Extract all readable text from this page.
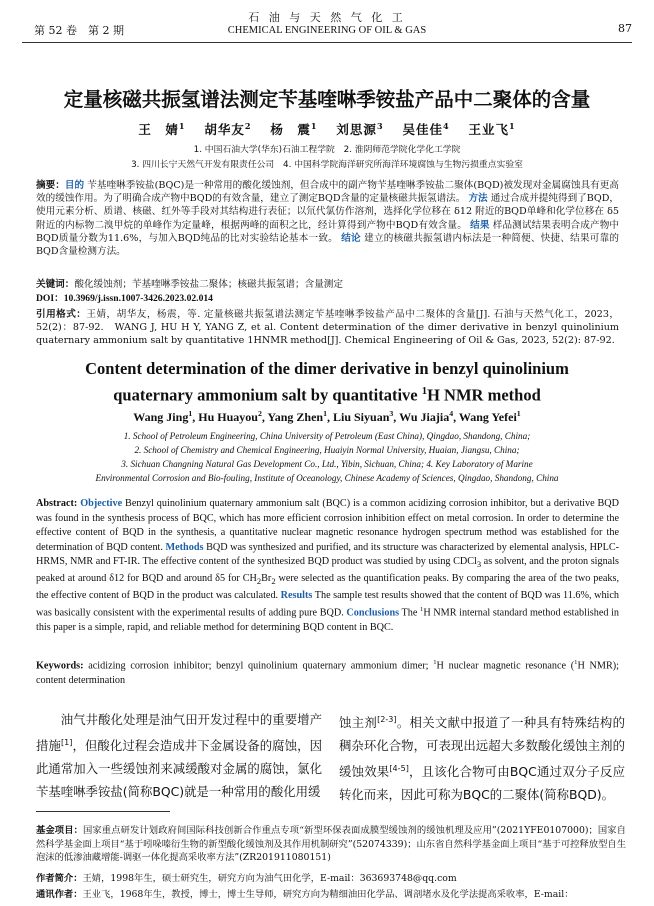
第 52 卷　第 2 期
石 油 与 天 然 气 化 工
CHEMICAL ENGINEERING OF OIL & GAS	87
定量核磁共振氢谱法测定苄基喹啉季铵盐产品中二聚体的含量
王　婧$^1$　 胡华友$^2$　 杨　震$^1$　 刘思源$^3$　 吴佳佳$^4$　 王业飞$^1$
1. 中国石油大学(华东)石油工程学院　2. 淮阴师范学院化学化工学院
3. 四川长宁天然气开发有限责任公司　4. 中国科学院海洋研究所海洋环境腐蚀与生物污损重点实验室
摘要：目的 苄基喹啉季铵盐(BQC)是一种常用的酸化缓蚀剂，但合成中的副产物苄基喹啉季铵盐二聚体(BQD)被发现对金属腐蚀具有更高效的缓蚀作用。为了明确合成产物中BQD的有效含量，建立了测定BQD含量的定量核磁共振氢谱法。 方法 通过合成并提纯得到了BQD，使用元素分析、质谱、核磁、红外等手段对其结构进行表征；以氘代氯仿作溶剂，选择化学位移在 δ12 附近的BQD单峰和化学位移在 δ5 附近的内标物二溴甲烷的单峰作为定量峰，根据两峰的面积之比，经计算得到产物中BQD有效含量。 结果 样品测试结果表明合成产物中BQD质量分数为11.6%，与加入BQD纯品的比对实验结论基本一致。 结论 建立的核磁共振氢谱内标法是一种简便、快捷、结果可靠的BQD含量检测方法。
关键词：酸化缓蚀剂；苄基喹啉季铵盐二聚体；核磁共振氢谱；含量测定
DOI：10.3969/j.issn.1007-3426.2023.02.014
引用格式：王婧，胡华友，杨震，等. 定量核磁共振氢谱法测定苄基喹啉季铵盐产品中二聚体的含量[J]. 石油与天然气化工，2023，52(2)：87-92.　WANG J, HU H Y, YANG Z, et al. Content determination of the dimer derivative in benzyl quinolinium quaternary ammonium salt by quantitative 1HNMR method[J]. Chemical Engineering of Oil & Gas, 2023, 52(2): 87-92.
Content determination of the dimer derivative in benzyl quinolinium
quaternary ammonium salt by quantitative $^1$H NMR method
Wang Jing$^1$, Hu Huayou$^2$, Yang Zhen$^1$, Liu Siyuan$^3$, Wu Jiajia$^4$, Wang Yefei$^1$
1. School of Petroleum Engineering, China University of Petroleum (East China), Qingdao, Shandong, China;
2. School of Chemistry and Chemical Engineering, Huaiyin Normal University, Huaian, Jiangsu, China;
3. Sichuan Changning Natural Gas Development Co., Ltd., Yibin, Sichuan, China; 4. Key Laboratory of Marine
Environmental Corrosion and Bio-fouling, Institute of Oceanology, Chinese Academy of Sciences, Qingdao, Shandong, China
Abstract: Objective Benzyl quinolinium quaternary ammonium salt (BQC) is a common acidizing corrosion inhibitor, but a derivative BQD was found in the synthesis process of BQC, which has more efficient corrosion inhibition effect on metal corrosion. In order to determine the effective content of BQD in the synthesis, a quantitative nuclear magnetic resonance hydrogen spectrum method was established for the determination of BQD content. Methods BQD was synthesized and purified, and its structure was characterized by elemental analysis, HPLC-HRMS, NMR and FT-IR. The effective content of the synthesized BQD product was studied by using CDCl$_3$ as solvent, and the proton signals peaked at around δ12 for BQD and around δ5 for $CH_2Br_2$ were selected as the quantification peaks. By comparing the area of the two peaks, the effective content of BQD in the product was calculated. Results The sample test results showed that the content of BQD was 11.6%, which was basically consistent with the experimental results of adding pure BQD. Conclusions The $^1$H NMR internal standard method established in this paper is a simple, rapid, and reliable method for determining BQD content in BQC.
Keywords: acidizing corrosion inhibitor; benzyl quinolinium quaternary ammonium dimer; $^1$H nuclear magnetic resonance ($^1$H NMR); content determination
油气井酸化处理是油气田开发过程中的重要增产措施[1]，但酸化过程会造成井下金属设备的腐蚀，因此通常加入一些缓蚀剂来减缓酸对金属的腐蚀，氯化苄基喹啉季铵盐(简称BQC)就是一种常用的酸化用缓
蚀主剂[2-3]。相关文献中报道了一种具有特殊结构的稠杂环化合物，可表现出远超大多数酸化缓蚀主剂的缓蚀效果[4-5]，且该化合物可由BQC通过双分子反应转化而来，因此可称为BQC的二聚体(简称BQD)。
基金项目：国家重点研发计划政府间国际科技创新合作重点专项“新型环保表面成膜型缓蚀剂的缓蚀机理及应用”(2021YFE0107000)；国家自然科学基金面上项目“基于吲哚嗪衍生物的新型酸化缓蚀剂及其作用机制研究”(52074339)；山东省自然科学基金面上项目“基于可控释放型自生泡沫的低渗油藏增能-调驱一体化提高采收率方法”(ZR201911080151)
作者简介：王婧，1998年生，硕士研究生，研究方向为油气田化学，E-mail：363693748@qq.com
通讯作者：王业飞，1968年生，教授，博士，博士生导师，研究方向为精细油田化学品、调剖堵水及化学法提高采收率，E-mail：
